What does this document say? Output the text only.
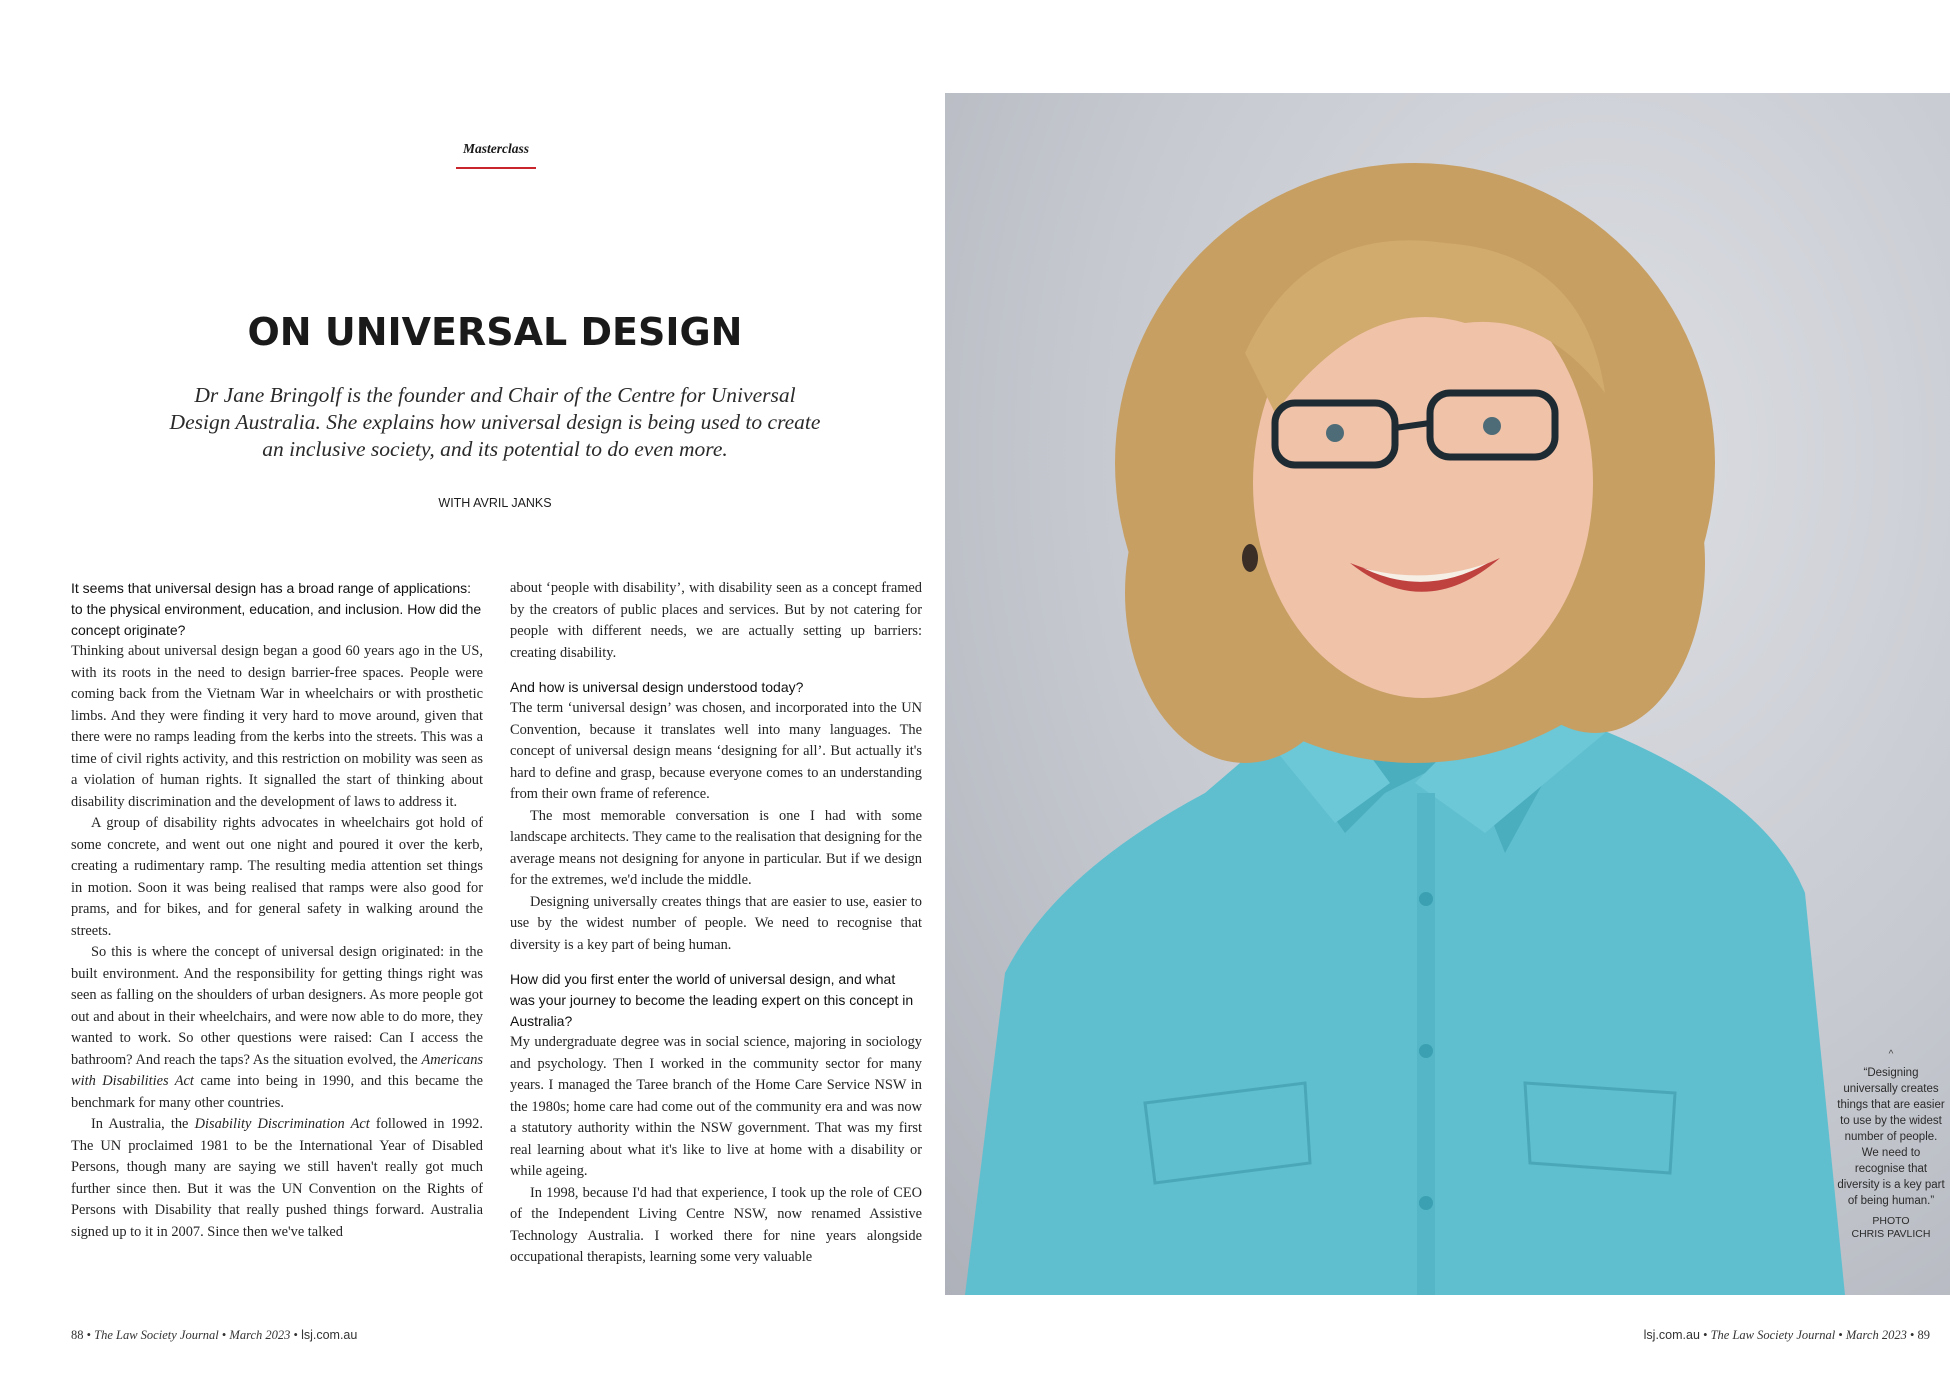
Masterclass
ON UNIVERSAL DESIGN
Dr Jane Bringolf is the founder and Chair of the Centre for Universal Design Australia. She explains how universal design is being used to create an inclusive society, and its potential to do even more.
WITH AVRIL JANKS
It seems that universal design has a broad range of applications: to the physical environment, education, and inclusion. How did the concept originate?

Thinking about universal design began a good 60 years ago in the US, with its roots in the need to design barrier-free spaces. People were coming back from the Vietnam War in wheelchairs or with prosthetic limbs. And they were finding it very hard to move around, given that there were no ramps leading from the kerbs into the streets. This was a time of civil rights activity, and this restriction on mobility was seen as a violation of human rights. It signalled the start of thinking about disability discrimination and the development of laws to address it.

A group of disability rights advocates in wheelchairs got hold of some concrete, and went out one night and poured it over the kerb, creating a rudimentary ramp. The resulting media attention set things in motion. Soon it was being realised that ramps were also good for prams, and for bikes, and for general safety in walking around the streets.

So this is where the concept of universal design originated: in the built environment. And the responsibility for getting things right was seen as falling on the shoulders of urban designers. As more people got out and about in their wheelchairs, and were now able to do more, they wanted to work. So other questions were raised: Can I access the bathroom? And reach the taps? As the situation evolved, the Americans with Disabilities Act came into being in 1990, and this became the benchmark for many other countries.

In Australia, the Disability Discrimination Act followed in 1992. The UN proclaimed 1981 to be the International Year of Disabled Persons, though many are saying we still haven't really got much further since then. But it was the UN Convention on the Rights of Persons with Disability that really pushed things forward. Australia signed up to it in 2007. Since then we've talked

about ‘people with disability’, with disability seen as a concept framed by the creators of public places and services. But by not catering for people with different needs, we are actually setting up barriers: creating disability.

And how is universal design understood today?

The term ‘universal design’ was chosen, and incorporated into the UN Convention, because it translates well into many languages. The concept of universal design means ‘designing for all’. But actually it's hard to define and grasp, because everyone comes to an understanding from their own frame of reference.

The most memorable conversation is one I had with some landscape architects. They came to the realisation that designing for the average means not designing for anyone in particular. But if we design for the extremes, we'd include the middle.

Designing universally creates things that are easier to use, easier to use by the widest number of people. We need to recognise that diversity is a key part of being human.

How did you first enter the world of universal design, and what was your journey to become the leading expert on this concept in Australia?

My undergraduate degree was in social science, majoring in sociology and psychology. Then I worked in the community sector for many years. I managed the Taree branch of the Home Care Service NSW in the 1980s; home care had come out of the community era and was now a statutory authority within the NSW government. That was my first real learning about what it's like to live at home with a disability or while ageing.

In 1998, because I'd had that experience, I took up the role of CEO of the Independent Living Centre NSW, now renamed Assistive Technology Australia. I worked there for nine years alongside occupational therapists, learning some very valuable

^
“Designing universally creates things that are easier to use by the widest number of people. We need to recognise that diversity is a key part of being human.”
PHOTO
CHRIS PAVLICH
88 • The Law Society Journal • March 2023 • lsj.com.au	lsj.com.au • The Law Society Journal • March 2023 • 89
